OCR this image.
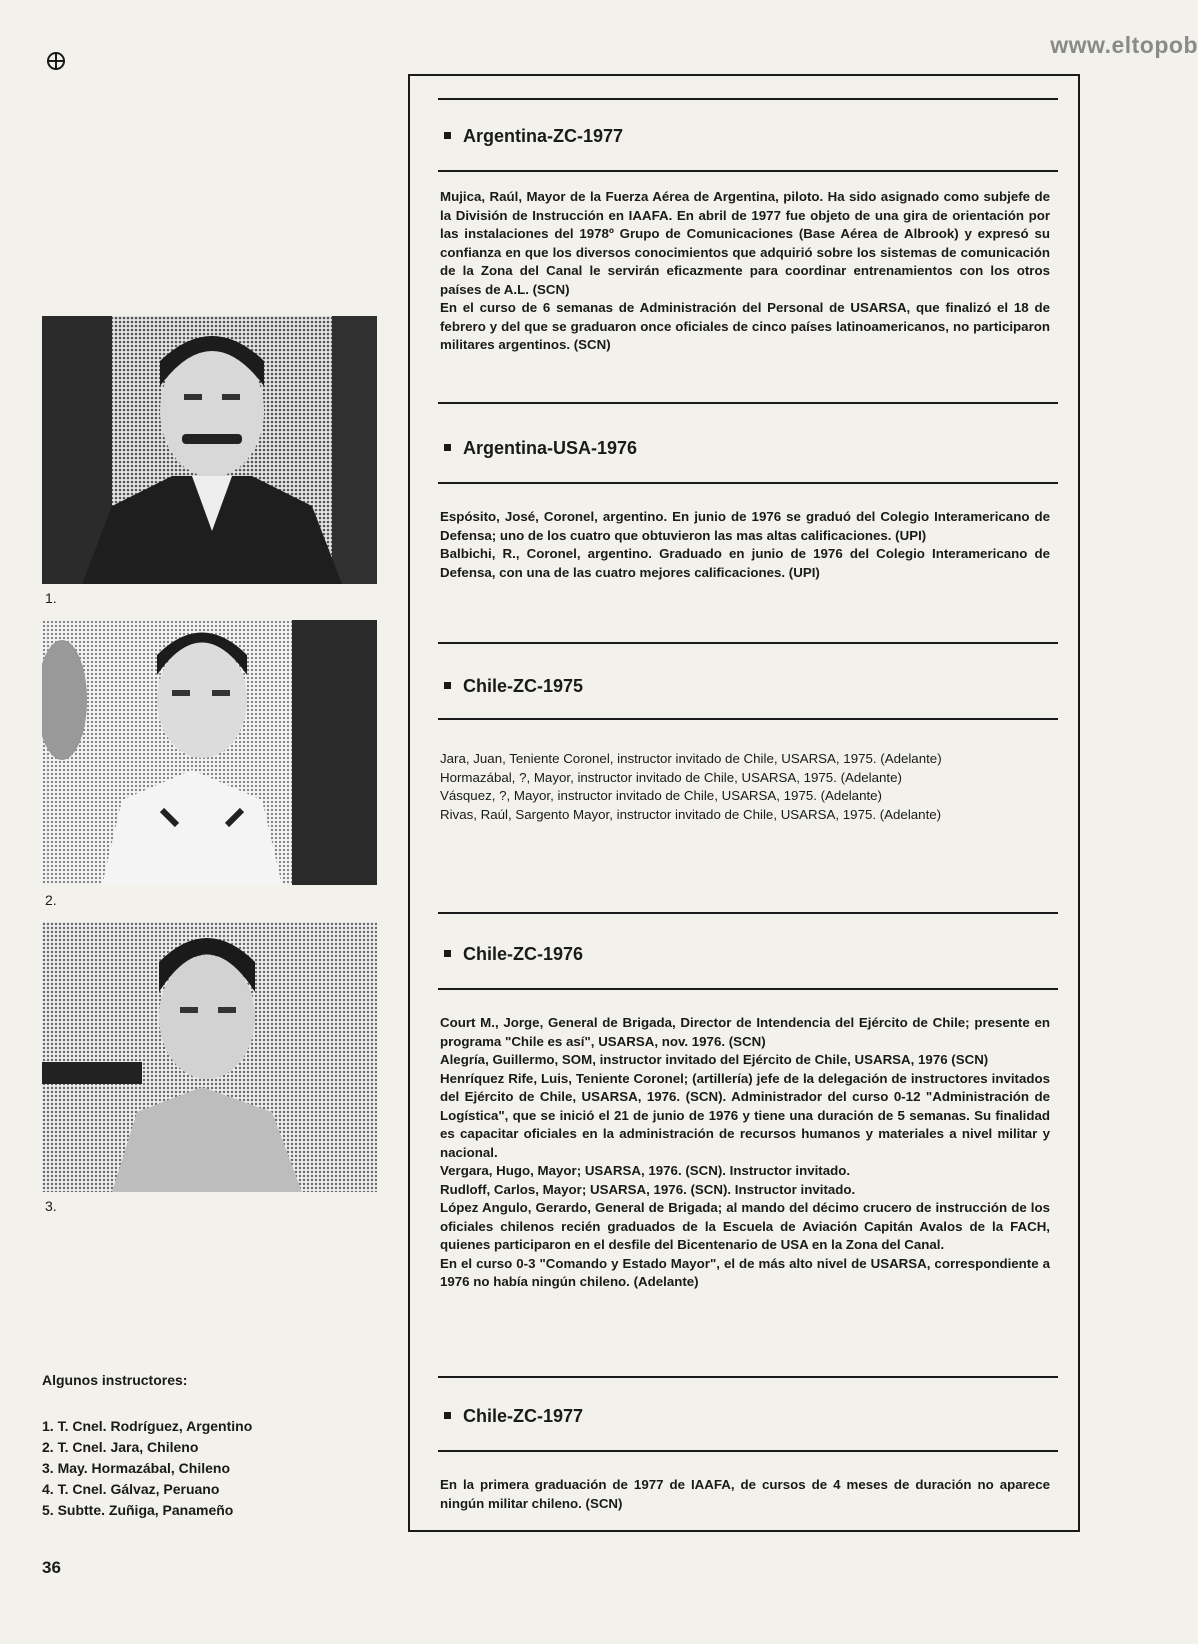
www.eltopob
1.
2.
3.
Algunos instructores:
1. T. Cnel. Rodríguez, Argentino
2. T. Cnel. Jara, Chileno
3. May. Hormazábal, Chileno
4. T. Cnel. Gálvaz, Peruano
5. Subtte. Zuñiga, Panameño
36
Argentina-ZC-1977

Mujica, Raúl, Mayor de la Fuerza Aérea de Argentina, piloto. Ha sido asignado como subjefe de la División de Instrucción en IAAFA. En abril de 1977 fue objeto de una gira de orientación por las instalaciones del 1978º Grupo de Comunicaciones (Base Aérea de Albrook) y expresó su confianza en que los diversos conocimientos que adquirió sobre los sistemas de comunicación de la Zona del Canal le servirán eficazmente para coordinar entrenamientos con los otros países de A.L. (SCN)

En el curso de 6 semanas de Administración del Personal de USARSA, que finalizó el 18 de febrero y del que se graduaron once oficiales de cinco países latinoamericanos, no participaron militares argentinos. (SCN)

Argentina-USA-1976

Espósito, José, Coronel, argentino. En junio de 1976 se graduó del Colegio Interamericano de Defensa; uno de los cuatro que obtuvieron las mas altas calificaciones. (UPI)

Balbichi, R., Coronel, argentino. Graduado en junio de 1976 del Colegio Interamericano de Defensa, con una de las cuatro mejores calificaciones. (UPI)

Chile-ZC-1975

Jara, Juan, Teniente Coronel, instructor invitado de Chile, USARSA, 1975. (Adelante)

Hormazábal, ?, Mayor, instructor invitado de Chile, USARSA, 1975. (Adelante)

Vásquez, ?, Mayor, instructor invitado de Chile, USARSA, 1975. (Adelante)

Rivas, Raúl, Sargento Mayor, instructor invitado de Chile, USARSA, 1975. (Adelante)

Chile-ZC-1976

Court M., Jorge, General de Brigada, Director de Intendencia del Ejército de Chile; presente en programa "Chile es así", USARSA, nov. 1976. (SCN)

Alegría, Guillermo, SOM, instructor invitado del Ejército de Chile, USARSA, 1976 (SCN)

Henríquez Rife, Luis, Teniente Coronel; (artillería) jefe de la delegación de instructores invitados del Ejército de Chile, USARSA, 1976. (SCN). Administrador del curso 0-12 "Administración de Logística", que se inició el 21 de junio de 1976 y tiene una duración de 5 semanas. Su finalidad es capacitar oficiales en la administración de recursos humanos y materiales a nivel militar y nacional.

Vergara, Hugo, Mayor; USARSA, 1976. (SCN). Instructor invitado.

Rudloff, Carlos, Mayor; USARSA, 1976. (SCN). Instructor invitado.

López Angulo, Gerardo, General de Brigada; al mando del décimo crucero de instrucción de los oficiales chilenos recién graduados de la Escuela de Aviación Capitán Avalos de la FACH, quienes participaron en el desfile del Bicentenario de USA en la Zona del Canal.

En el curso 0-3 "Comando y Estado Mayor", el de más alto nivel de USARSA, correspondiente a 1976 no había ningún chileno. (Adelante)

Chile-ZC-1977

En la primera graduación de 1977 de IAAFA, de cursos de 4 meses de duración no aparece ningún militar chileno. (SCN)
